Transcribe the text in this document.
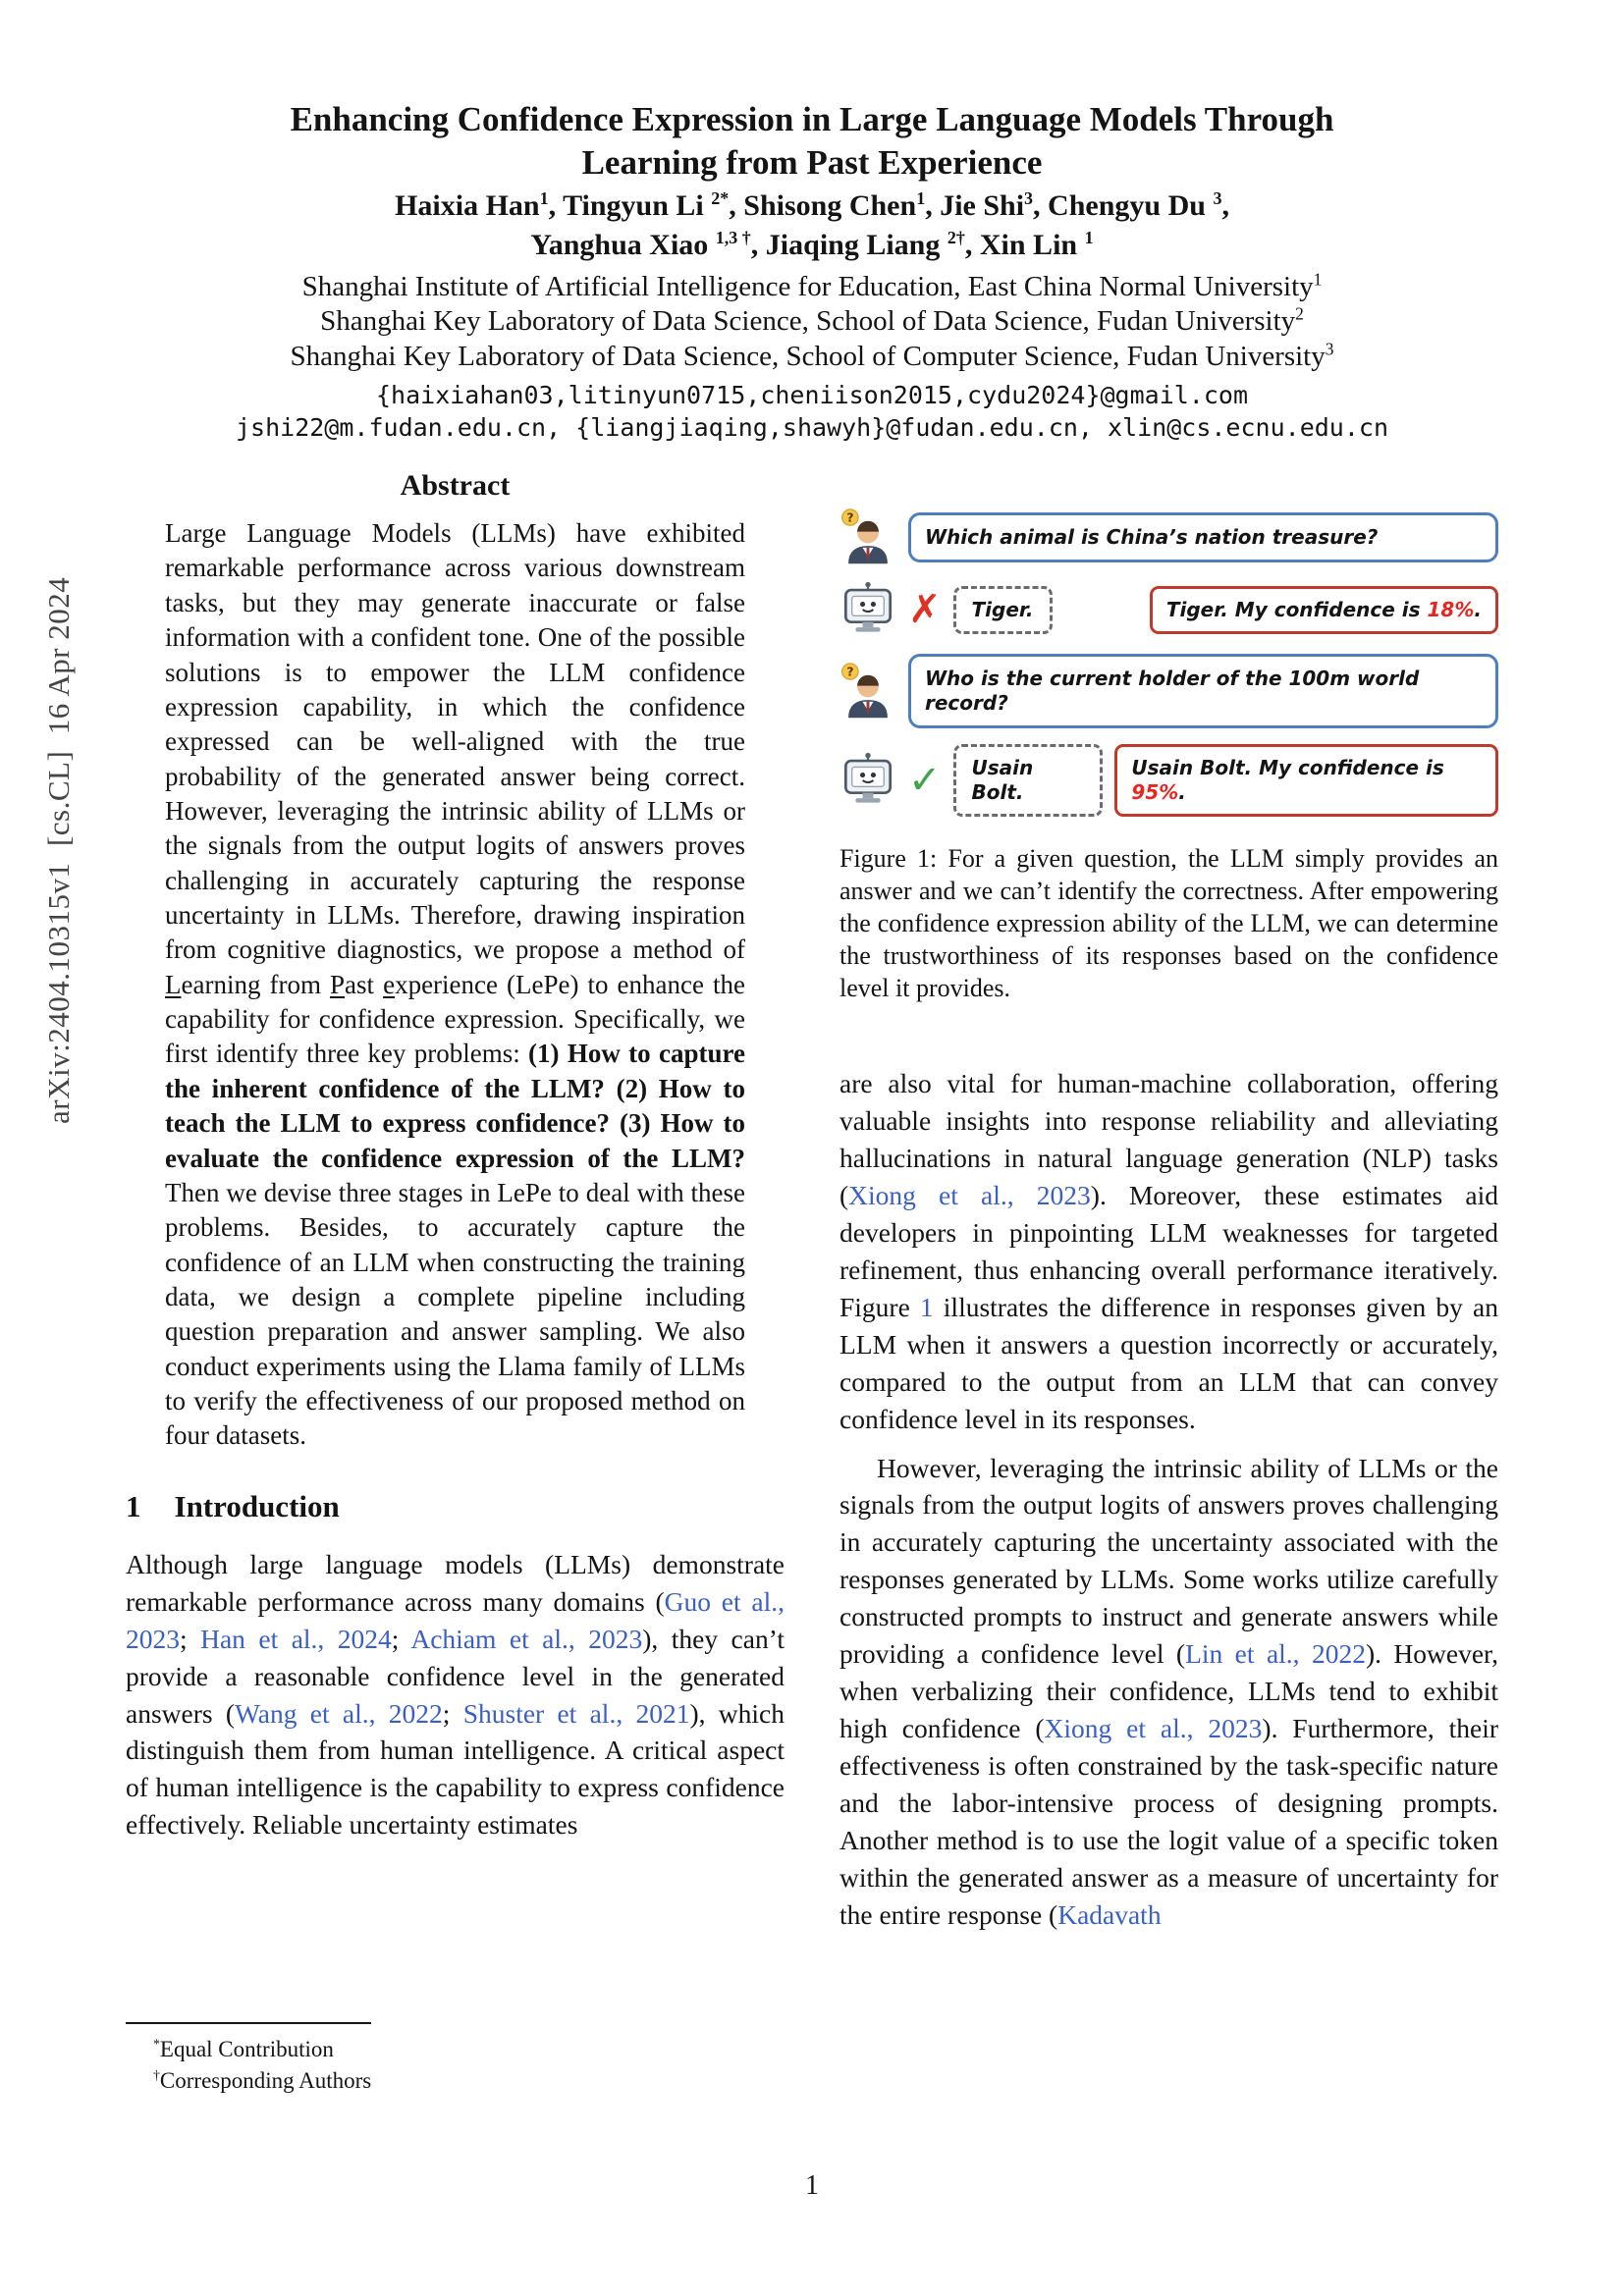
arXiv:2404.10315v1  [cs.CL]  16 Apr 2024
Enhancing Confidence Expression in Large Language Models Through
Learning from Past Experience
Haixia Han$^1$, Tingyun Li $^{2*}$, Shisong Chen$^1$, Jie Shi$^3$, Chengyu Du $^3$,
Yanghua Xiao $^{1,3 \dagger}$, Jiaqing Liang $^{2\dagger}$, Xin Lin $^1$
Shanghai Institute of Artificial Intelligence for Education, East China Normal University$^1$
Shanghai Key Laboratory of Data Science, School of Data Science, Fudan University$^2$
Shanghai Key Laboratory of Data Science, School of Computer Science, Fudan University$^3$
{haixiahan03,litinyun0715,cheniison2015,cydu2024}@gmail.com
jshi22@m.fudan.edu.cn, {liangjiaqing,shawyh}@fudan.edu.cn, xlin@cs.ecnu.edu.cn
Abstract

Large Language Models (LLMs) have exhibited remarkable performance across various downstream tasks, but they may generate inaccurate or false information with a confident tone. One of the possible solutions is to empower the LLM confidence expression capability, in which the confidence expressed can be well-aligned with the true probability of the generated answer being correct. However, leveraging the intrinsic ability of LLMs or the signals from the output logits of answers proves challenging in accurately capturing the response uncertainty in LLMs. Therefore, drawing inspiration from cognitive diagnostics, we propose a method of Learning from Past experience (LePe) to enhance the capability for confidence expression. Specifically, we first identify three key problems: (1) How to capture the inherent confidence of the LLM? (2) How to teach the LLM to express confidence? (3) How to evaluate the confidence expression of the LLM? Then we devise three stages in LePe to deal with these problems. Besides, to accurately capture the confidence of an LLM when constructing the training data, we design a complete pipeline including question preparation and answer sampling. We also conduct experiments using the Llama family of LLMs to verify the effectiveness of our proposed method on four datasets.

1 Introduction

Although large language models (LLMs) demonstrate remarkable performance across many domains (Guo et al., 2023; Han et al., 2024; Achiam et al., 2023), they can’t provide a reasonable confidence level in the generated answers (Wang et al., 2022; Shuster et al., 2021), which distinguish them from human intelligence. A critical aspect of human intelligence is the capability to express confidence effectively. Reliable uncertainty estimates

*Equal Contribution
†Corresponding Authors
?
Which animal is China’s nation treasure?
✗	Tiger.	Tiger. My confidence is 18%.
?	Who is the current holder of the 100m world record?
✓	Usain Bolt.
Usain Bolt. My confidence is 95%.
Figure 1: For a given question, the LLM simply provides an answer and we can’t identify the correctness. After empowering the confidence expression ability of the LLM, we can determine the trustworthiness of its responses based on the confidence level it provides.

are also vital for human-machine collaboration, offering valuable insights into response reliability and alleviating hallucinations in natural language generation (NLP) tasks (Xiong et al., 2023). Moreover, these estimates aid developers in pinpointing LLM weaknesses for targeted refinement, thus enhancing overall performance iteratively. Figure 1 illustrates the difference in responses given by an LLM when it answers a question incorrectly or accurately, compared to the output from an LLM that can convey confidence level in its responses.

However, leveraging the intrinsic ability of LLMs or the signals from the output logits of answers proves challenging in accurately capturing the uncertainty associated with the responses generated by LLMs. Some works utilize carefully constructed prompts to instruct and generate answers while providing a confidence level (Lin et al., 2022). However, when verbalizing their confidence, LLMs tend to exhibit high confidence (Xiong et al., 2023). Furthermore, their effectiveness is often constrained by the task-specific nature and the labor-intensive process of designing prompts. Another method is to use the logit value of a specific token within the generated answer as a measure of uncertainty for the entire response (Kadavath

1
